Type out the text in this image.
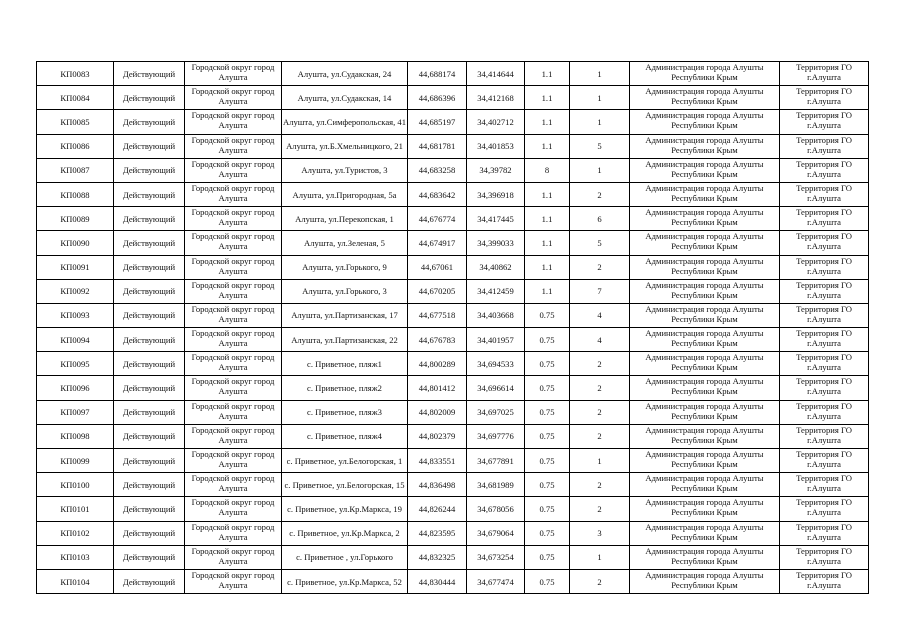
КП0083	Действующий	Городской округ город Алушта	Алушта, ул.Судакская, 24	44,688174	34,414644	1.1	1	Администрация города Алушты Республики Крым	Территория ГО г.Алушта

КП0084	Действующий	Городской округ город Алушта	Алушта, ул.Судакская, 14	44,686396	34,412168	1.1	1	Администрация города Алушты Республики Крым	Территория ГО г.Алушта

КП0085	Действующий	Городской округ город Алушта	Алушта, ул.Симферопольская, 41	44,685197	34,402712	1.1	1	Администрация города Алушты Республики Крым	Территория ГО г.Алушта

КП0086	Действующий	Городской округ город Алушта	Алушта, ул.Б.Хмельницкого, 21	44,681781	34,401853	1.1	5	Администрация города Алушты Республики Крым	Территория ГО г.Алушта

КП0087	Действующий	Городской округ город Алушта	Алушта, ул.Туристов, 3	44,683258	34,39782	8	1	Администрация города Алушты Республики Крым	Территория ГО г.Алушта

КП0088	Действующий	Городской округ город Алушта	Алушта, ул.Пригородная, 5а	44,683642	34,396918	1.1	2	Администрация города Алушты Республики Крым	Территория ГО г.Алушта

КП0089	Действующий	Городской округ город Алушта	Алушта, ул.Перекопская, 1	44,676774	34,417445	1.1	6	Администрация города Алушты Республики Крым	Территория ГО г.Алушта

КП0090	Действующий	Городской округ город Алушта	Алушта, ул.Зеленая, 5	44,674917	34,399033	1.1	5	Администрация города Алушты Республики Крым	Территория ГО г.Алушта

КП0091	Действующий	Городской округ город Алушта	Алушта, ул.Горького, 9	44,67061	34,40862	1.1	2	Администрация города Алушты Республики Крым	Территория ГО г.Алушта

КП0092	Действующий	Городской округ город Алушта	Алушта, ул.Горького, 3	44,670205	34,412459	1.1	7	Администрация города Алушты Республики Крым	Территория ГО г.Алушта

КП0093	Действующий	Городской округ город Алушта	Алушта, ул.Партизанская, 17	44,677518	34,403668	0.75	4	Администрация города Алушты Республики Крым	Территория ГО г.Алушта

КП0094	Действующий	Городской округ город Алушта	Алушта, ул.Партизанская, 22	44,676783	34,401957	0.75	4	Администрация города Алушты Республики Крым	Территория ГО г.Алушта

КП0095	Действующий	Городской округ город Алушта	с. Приветное, пляж1	44,800289	34,694533	0.75	2	Администрация города Алушты Республики Крым	Территория ГО г.Алушта

КП0096	Действующий	Городской округ город Алушта	с. Приветное, пляж2	44,801412	34,696614	0.75	2	Администрация города Алушты Республики Крым	Территория ГО г.Алушта

КП0097	Действующий	Городской округ город Алушта	с. Приветное, пляж3	44,802009	34,697025	0.75	2	Администрация города Алушты Республики Крым	Территория ГО г.Алушта

КП0098	Действующий	Городской округ город Алушта	с. Приветное, пляж4	44,802379	34,697776	0.75	2	Администрация города Алушты Республики Крым	Территория ГО г.Алушта

КП0099	Действующий	Городской округ город Алушта	с. Приветное, ул.Белогорская, 1	44,833551	34,677891	0.75	1	Администрация города Алушты Республики Крым	Территория ГО г.Алушта

КП0100	Действующий	Городской округ город Алушта	с. Приветное, ул.Белогорская, 15	44,836498	34,681989	0.75	2	Администрация города Алушты Республики Крым	Территория ГО г.Алушта

КП0101	Действующий	Городской округ город Алушта	с. Приветное, ул.Кр.Маркса, 19	44,826244	34,678056	0.75	2	Администрация города Алушты Республики Крым	Территория ГО г.Алушта

КП0102	Действующий	Городской округ город Алушта	с. Приветное, ул.Кр.Маркса, 2	44,823595	34,679064	0.75	3	Администрация города Алушты Республики Крым	Территория ГО г.Алушта

КП0103	Действующий	Городской округ город Алушта	с. Приветное , ул.Горького	44,832325	34,673254	0.75	1	Администрация города Алушты Республики Крым	Территория ГО г.Алушта

КП0104	Действующий	Городской округ город Алушта	с. Приветное, ул.Кр.Маркса, 52	44,830444	34,677474	0.75	2	Администрация города Алушты Республики Крым	Территория ГО г.Алушта
